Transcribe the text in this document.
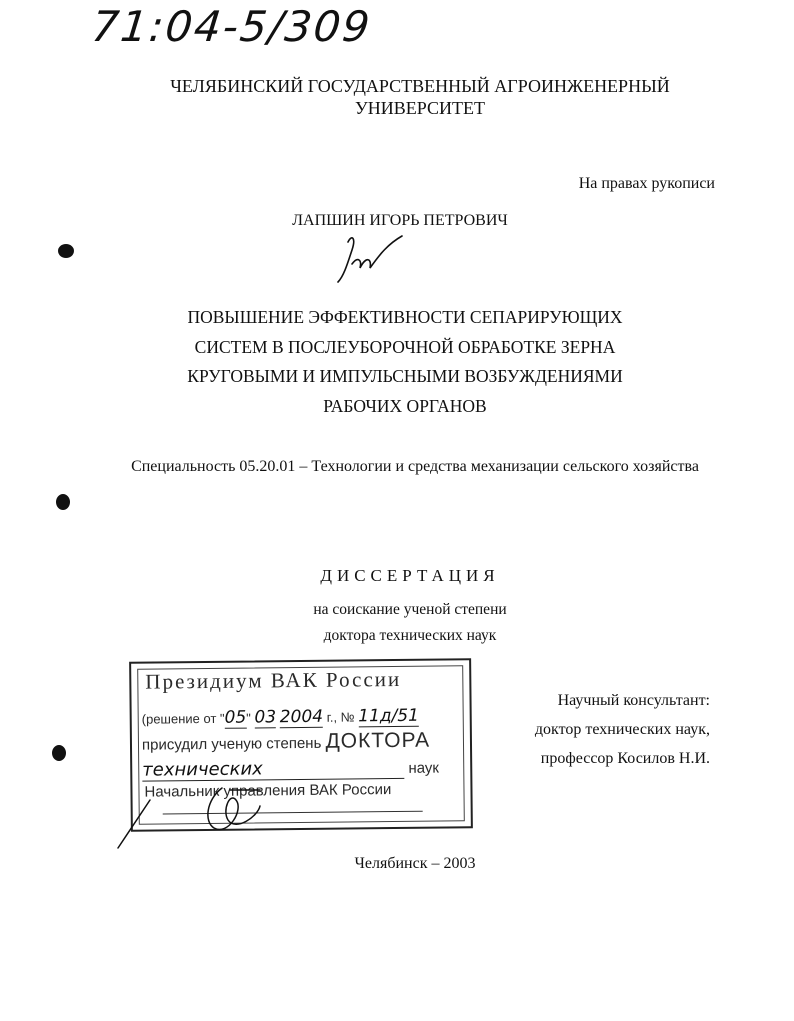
71:04-5/309
ЧЕЛЯБИНСКИЙ ГОСУДАРСТВЕННЫЙ АГРОИНЖЕНЕРНЫЙ УНИВЕРСИТЕТ
На правах рукописи
ЛАПШИН ИГОРЬ ПЕТРОВИЧ
ПОВЫШЕНИЕ ЭФФЕКТИВНОСТИ СЕПАРИРУЮЩИХ СИСТЕМ В ПОСЛЕУБОРОЧНОЙ ОБРАБОТКЕ ЗЕРНА КРУГОВЫМИ И ИМПУЛЬСНЫМИ ВОЗБУЖДЕНИЯМИ РАБОЧИХ ОРГАНОВ
Специальность 05.20.01 – Технологии и средства механизации сельского хозяйства
ДИССЕРТАЦИЯ
на соискание ученой степени
доктора технических наук
Научный консультант:
доктор технических наук,
профессор Косилов Н.И.
Президиум ВАК России
(решение от "05" 03 2004 г., № 11д/51
присудил ученую степень ДОКТОРА
технических	наук
Начальник управления ВАК России
Челябинск – 2003
